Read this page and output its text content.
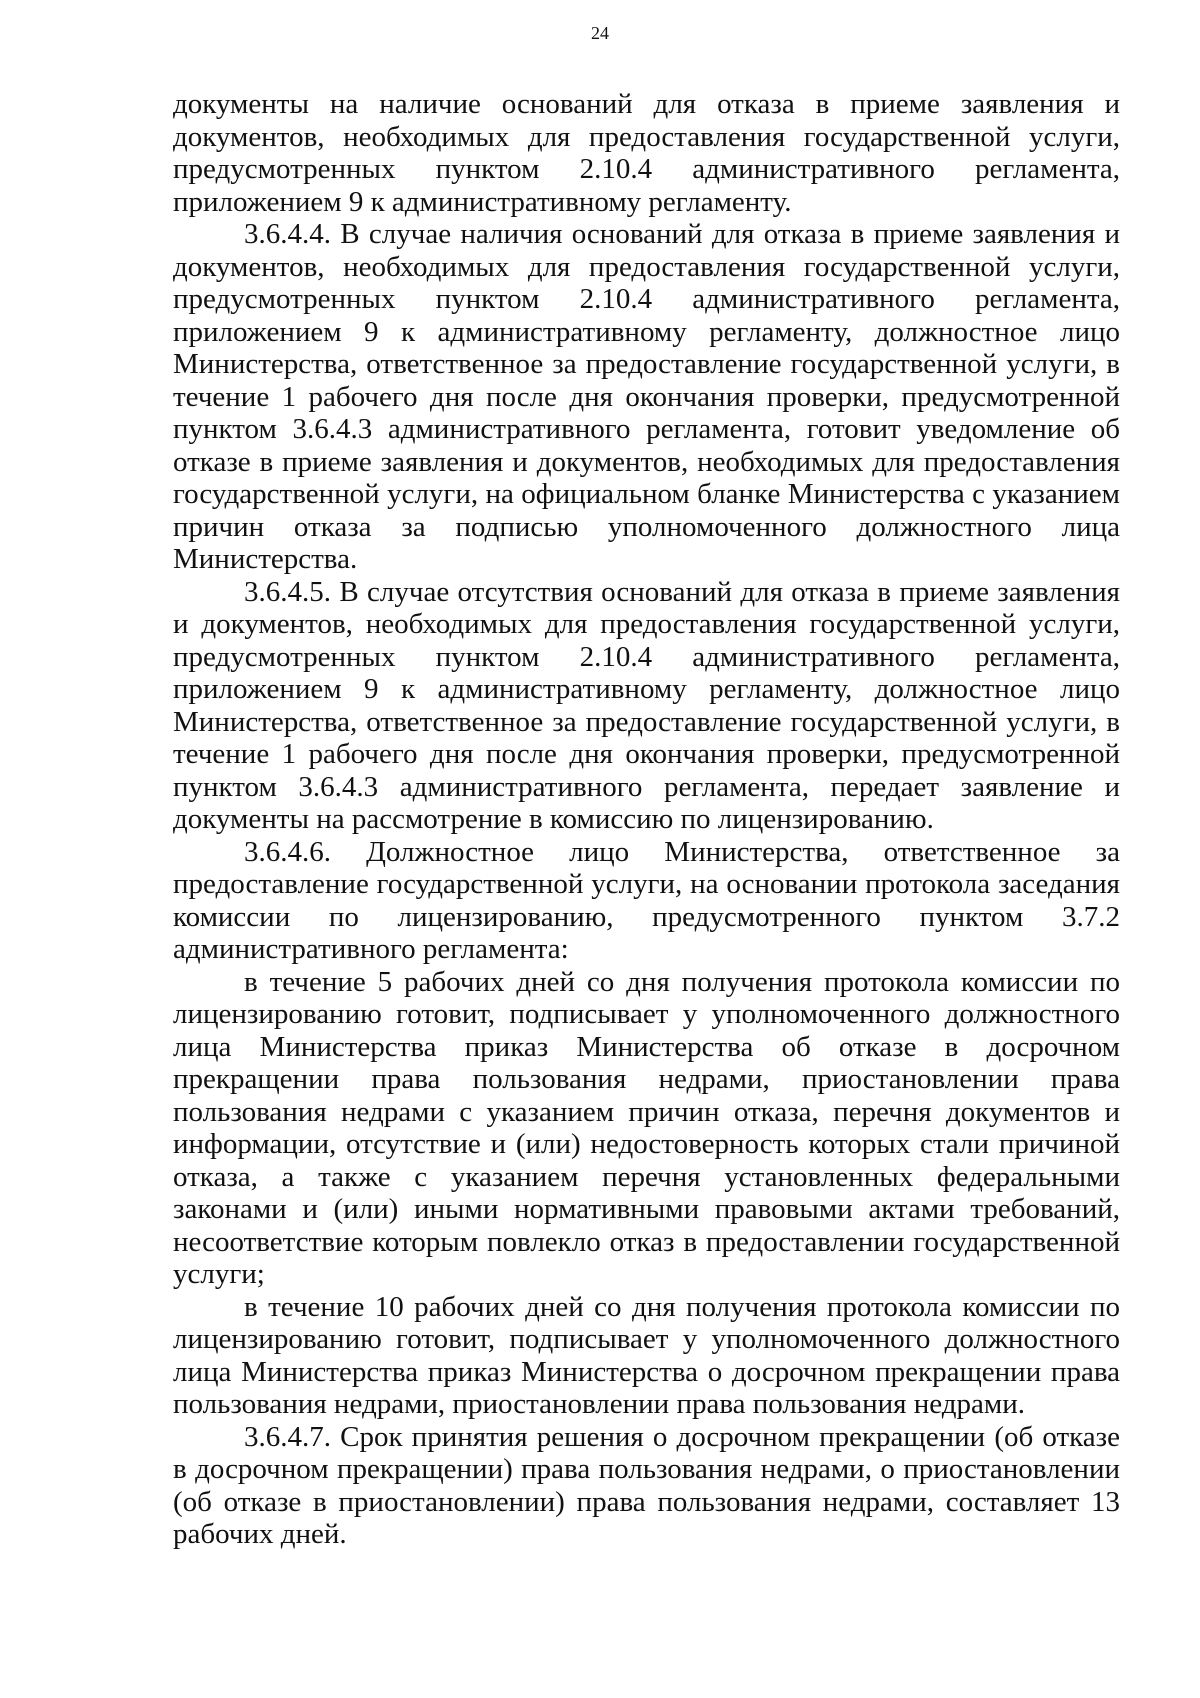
24

документы на наличие оснований для отказа в приеме заявления и документов, необходимых для предоставления государственной услуги, предусмотренных пунктом 2.10.4 административного регламента, приложением 9 к административному регламенту.

3.6.4.4. В случае наличия оснований для отказа в приеме заявления и документов, необходимых для предоставления государственной услуги, предусмотренных пунктом 2.10.4 административного регламента, приложением 9 к административному регламенту, должностное лицо Министерства, ответственное за предоставление государственной услуги, в течение 1 рабочего дня после дня окончания проверки, предусмотренной пунктом 3.6.4.3 административного регламента, готовит уведомление об отказе в приеме заявления и документов, необходимых для предоставления государственной услуги, на официальном бланке Министерства с указанием причин отказа за подписью уполномоченного должностного лица Министерства.

3.6.4.5. В случае отсутствия оснований для отказа в приеме заявления и документов, необходимых для предоставления государственной услуги, предусмотренных пунктом 2.10.4 административного регламента, приложением 9 к административному регламенту, должностное лицо Министерства, ответственное за предоставление государственной услуги, в течение 1 рабочего дня после дня окончания проверки, предусмотренной пунктом 3.6.4.3 административного регламента, передает заявление и документы на рассмотрение в комиссию по лицензированию.

3.6.4.6. Должностное лицо Министерства, ответственное за предоставление государственной услуги, на основании протокола заседания комиссии по лицензированию, предусмотренного пунктом 3.7.2 административного регламента:

в течение 5 рабочих дней со дня получения протокола комиссии по лицензированию готовит, подписывает у уполномоченного должностного лица Министерства приказ Министерства об отказе в досрочном прекращении права пользования недрами, приостановлении права пользования недрами с указанием причин отказа, перечня документов и информации, отсутствие и (или) недостоверность которых стали причиной отказа, а также с указанием перечня установленных федеральными законами и (или) иными нормативными правовыми актами требований, несоответствие которым повлекло отказ в предоставлении государственной услуги;

в течение 10 рабочих дней со дня получения протокола комиссии по лицензированию готовит, подписывает у уполномоченного должностного лица Министерства приказ Министерства о досрочном прекращении права пользования недрами, приостановлении права пользования недрами.

3.6.4.7. Срок принятия решения о досрочном прекращении (об отказе в досрочном прекращении) права пользования недрами, о приостановлении (об отказе в приостановлении) права пользования недрами, составляет 13 рабочих дней.
